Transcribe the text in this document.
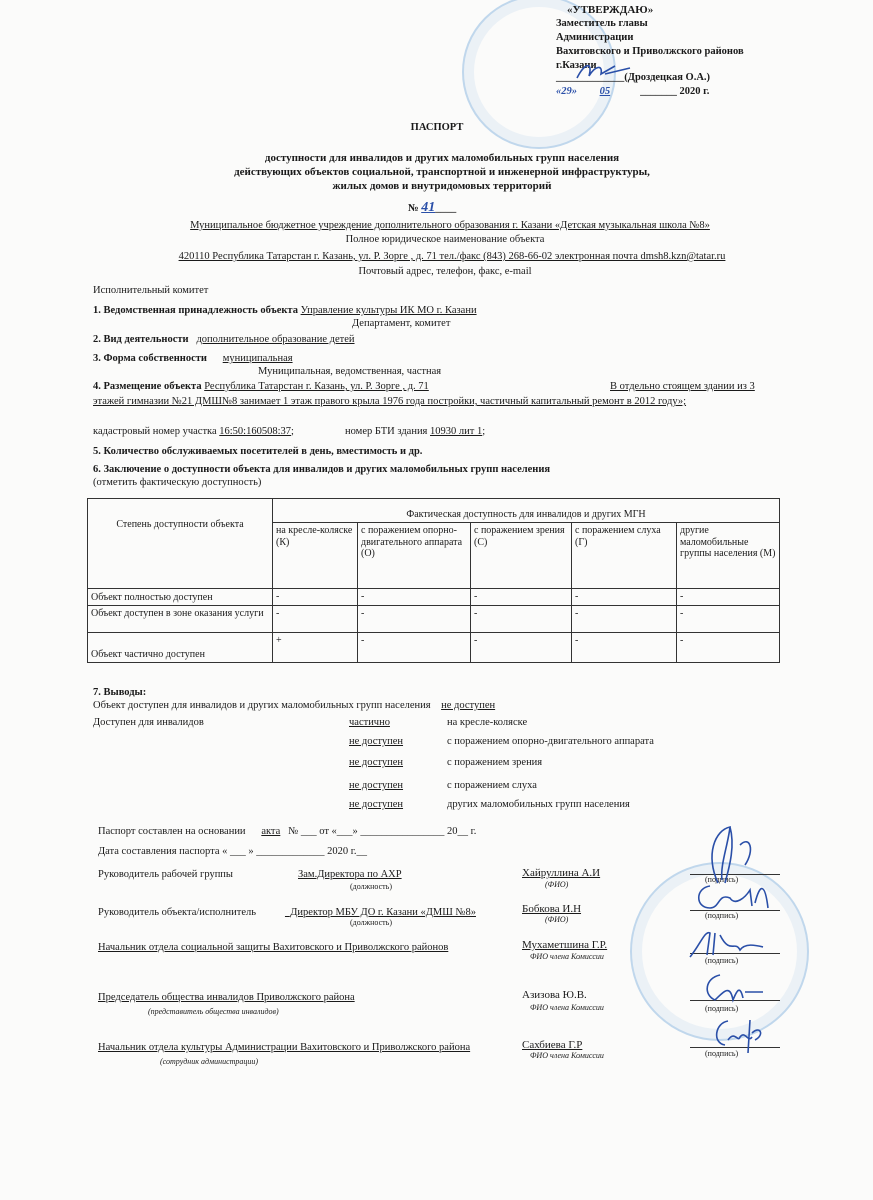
«УТВЕРЖДАЮ»
Заместитель главы
Администрации
Вахитовского и Приволжского районов
г.Казани
_____________(Дроздецкая О.А.)
«29» 05	_______ 2020 г.
ПАСПОРТ
доступности для инвалидов и других маломобильных групп населения
действующих объектов социальной, транспортной и инженерной инфраструктуры,
жилых домов и внутридомовых территорий
№ 41____
Муниципальное бюджетное учреждение дополнительного образования г. Казани «Детская музыкальная школа №8»
Полное юридическое наименование объекта
420110 Республика Татарстан г. Казань, ул. Р. Зорге , д. 71 тел./факс (843) 268-66-02 электронная почта dmsh8.kzn@tatar.ru
Почтовый адрес, телефон, факс, e-mail
Исполнительный комитет
1. Ведомственная принадлежность объекта Управление культуры ИК МО г. Казани
Департамент, комитет
2. Вид деятельности дополнительное образование детей
3. Форма собственности муниципальная
Муниципальная, ведомственная, частная
4. Размещение объекта Республика Татарстан г. Казань, ул. Р. Зорге , д. 71	В отдельно стоящем здании из 3
этажей гимназии №21 ДМШ№8 занимает 1 этаж правого крыла 1976 года постройки, частичный капитальный ремонт в 2012 году»;
кадастровый номер участка 16:50:160508:37;	номер БТИ здания 10930 лит 1;
5. Количество обслуживаемых посетителей в день, вместимость и др.
6. Заключение о доступности объекта для инвалидов и других маломобильных групп населения
(отметить фактическую доступность)
Степень доступности объекта	Фактическая доступность для инвалидов и других МГН				
	на кресле-коляске (К)	с поражением опорно-двигательного аппарата (О)	с поражением зрения (С)	с поражением слуха (Г)	другие маломобильные группы населения (М)
Объект полностью доступен	-	-	-	-	-
Объект доступен в зоне оказания услуги	-	-	-	-	-
Объект частично доступен	+	-	-	-	-
7. Выводы:
Объект доступен для инвалидов и других маломобильных групп населения не доступен
Доступен для инвалидов	частично	на кресле-коляске
не доступен	с поражением опорно-двигательного аппарата
не доступен	с поражением зрения
не доступен	с поражением слуха
не доступен	других маломобильных групп населения
Паспорт составлен на основании акта № ___ от «___» ________________ 20__ г.
Дата составления паспорта « ___ » _____________ 2020 г.__
Руководитель рабочей группы	Зам.Директора по АХР
(должность)
Хайруллина А.И
(ФИО)
(подпись)
Руководитель объекта/исполнитель	_Директор МБУ ДО г. Казани «ДМШ №8»
(должность)
Бобкова И.Н
(ФИО)	(подпись)
Начальник отдела социальной защиты Вахитовского и Приволжского районов	Мухаметшина Г.Р.
ФИО члена Комиссии	(подпись)
Председатель общества инвалидов Приволжского района
(представитель общества инвалидов)
Азизова Ю.В.
ФИО члена Комиссии	(подпись)
Начальник отдела культуры Администрации Вахитовского и Приволжского района
(сотрудник администрации)
Сахбиева Г.Р
ФИО члена Комиссии	(подпись)
